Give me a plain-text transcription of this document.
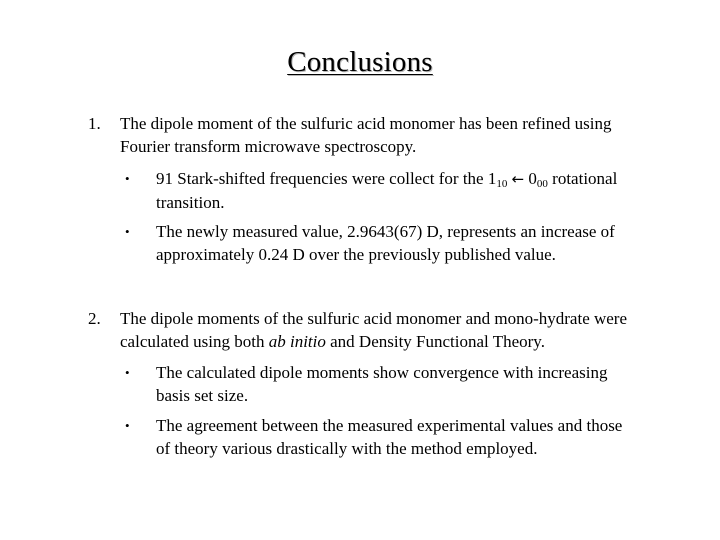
Conclusions
1.	The dipole moment of the sulfuric acid monomer has been refined using Fourier transform microwave spectroscopy.
• 91 Stark-shifted frequencies were collect for the $1_{10}$ ← $0_{00}$ rotational transition.
• The newly measured value, 2.9643(67) D, represents an increase of approximately 0.24 D over the previously published value.
2.	The dipole moments of the sulfuric acid monomer and mono-hydrate were calculated using both ab initio and Density Functional Theory.
• The calculated dipole moments show convergence with increasing basis set size.
• The agreement between the measured experimental values and those of theory various drastically with the method employed.
